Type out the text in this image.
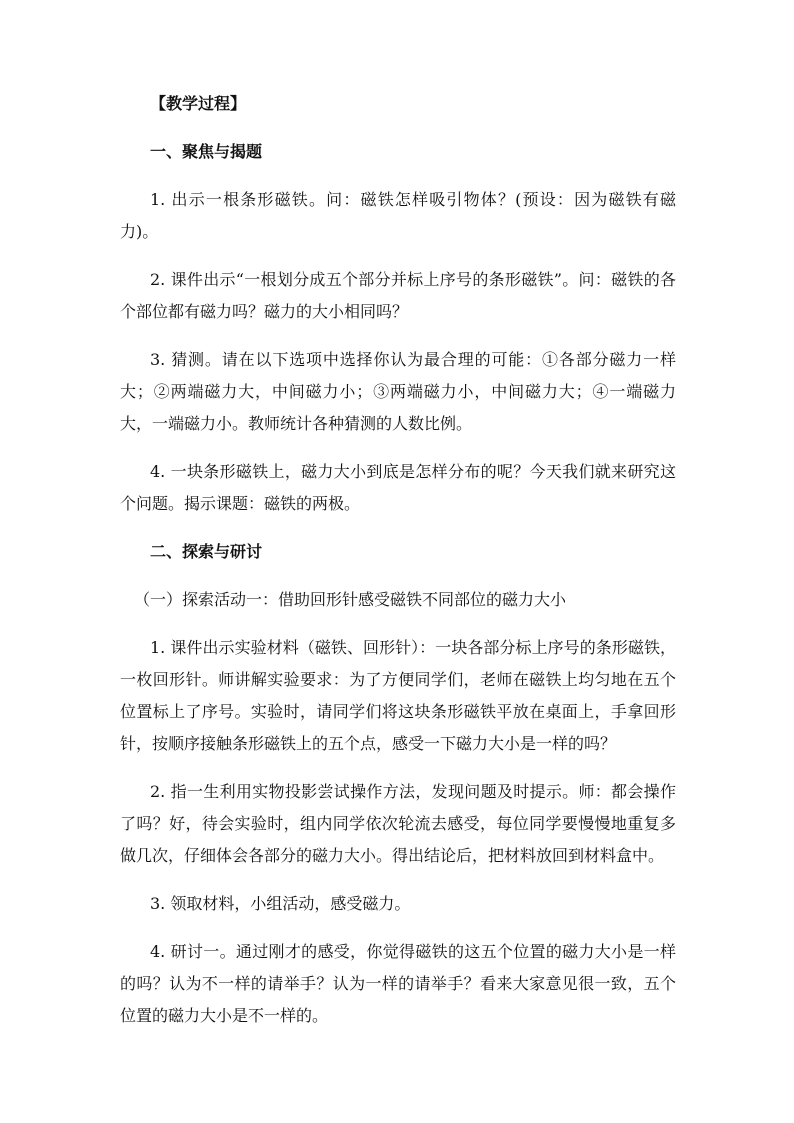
【教学过程】

一、聚焦与揭题

1. 出示一根条形磁铁。问：磁铁怎样吸引物体？(预设：因为磁铁有磁力)。

2. 课件出示“一根划分成五个部分并标上序号的条形磁铁”。问：磁铁的各个部位都有磁力吗？磁力的大小相同吗？

3. 猜测。请在以下选项中选择你认为最合理的可能：①各部分磁力一样大；②两端磁力大，中间磁力小；③两端磁力小，中间磁力大；④一端磁力大，一端磁力小。教师统计各种猜测的人数比例。

4. 一块条形磁铁上，磁力大小到底是怎样分布的呢？今天我们就来研究这个问题。揭示课题：磁铁的两极。

二、探索与研讨

（一）探索活动一：借助回形针感受磁铁不同部位的磁力大小

1. 课件出示实验材料（磁铁、回形针）：一块各部分标上序号的条形磁铁，一枚回形针。师讲解实验要求：为了方便同学们，老师在磁铁上均匀地在五个位置标上了序号。实验时，请同学们将这块条形磁铁平放在桌面上，手拿回形针，按顺序接触条形磁铁上的五个点，感受一下磁力大小是一样的吗？

2. 指一生利用实物投影尝试操作方法，发现问题及时提示。师：都会操作了吗？好，待会实验时，组内同学依次轮流去感受，每位同学要慢慢地重复多做几次，仔细体会各部分的磁力大小。得出结论后，把材料放回到材料盒中。

3. 领取材料，小组活动，感受磁力。

4. 研讨一。通过刚才的感受，你觉得磁铁的这五个位置的磁力大小是一样的吗？认为不一样的请举手？认为一样的请举手？看来大家意见很一致，五个位置的磁力大小是不一样的。
